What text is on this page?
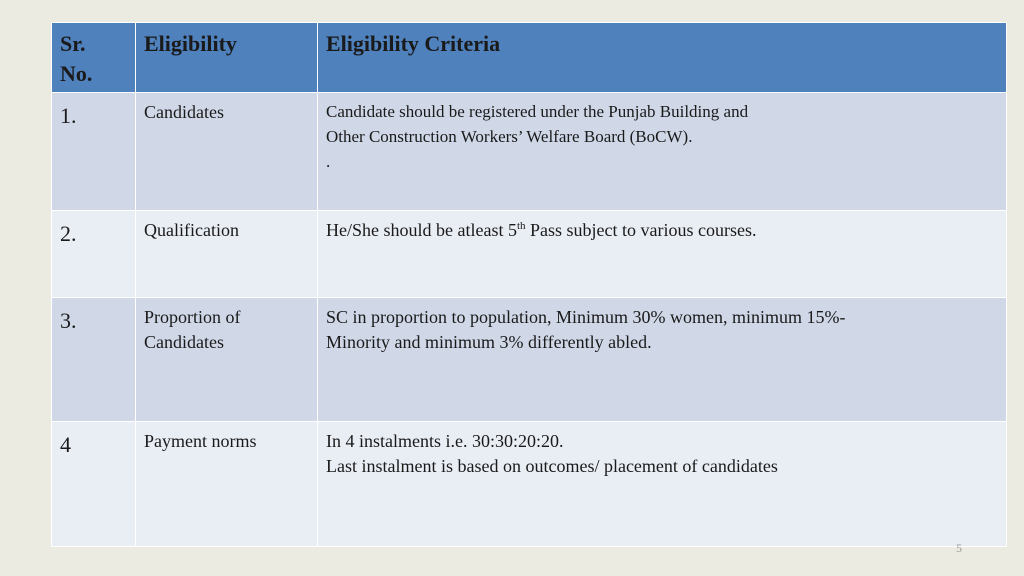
Sr. No.	Eligibility	Eligibility Criteria

1.	Candidates	Candidate should be registered under the Punjab Building and
Other Construction Workers’ Welfare Board (BoCW).
.

2.	Qualification	He/She should be atleast 5th Pass subject to various courses.

3.	Proportion of Candidates	SC in proportion to population, Minimum 30% women, minimum 15%-
Minority and minimum 3% differently abled.

4	Payment norms	In 4 instalments i.e. 30:30:20:20.
Last instalment is based on outcomes/ placement of candidates
5
